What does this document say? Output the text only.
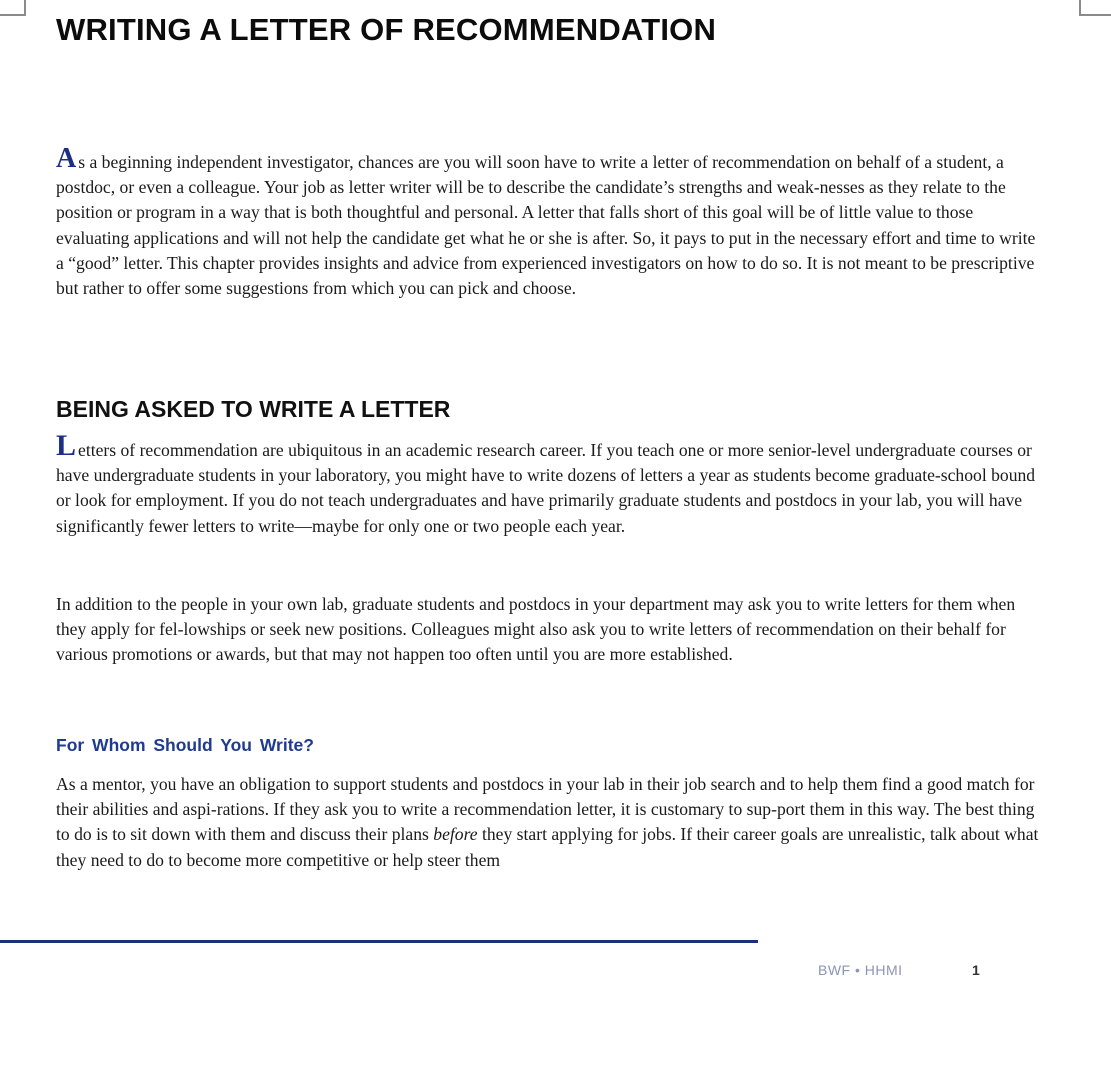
WRITING A LETTER OF RECOMMENDATION

As a beginning independent investigator, chances are you will soon have to write a letter of recommendation on behalf of a student, a postdoc, or even a colleague. Your job as letter writer will be to describe the candidate’s strengths and weak-nesses as they relate to the position or program in a way that is both thoughtful and personal. A letter that falls short of this goal will be of little value to those evaluating applications and will not help the candidate get what he or she is after. So, it pays to put in the necessary effort and time to write a “good” letter. This chapter provides insights and advice from experienced investigators on how to do so. It is not meant to be prescriptive but rather to offer some suggestions from which you can pick and choose.

BEING ASKED TO WRITE A LETTER

Letters of recommendation are ubiquitous in an academic research career. If you teach one or more senior-level undergraduate courses or have undergraduate students in your laboratory, you might have to write dozens of letters a year as students become graduate-school bound or look for employment. If you do not teach undergraduates and have primarily graduate students and postdocs in your lab, you will have significantly fewer letters to write—maybe for only one or two people each year.

In addition to the people in your own lab, graduate students and postdocs in your department may ask you to write letters for them when they apply for fel-lowships or seek new positions. Colleagues might also ask you to write letters of recommendation on their behalf for various promotions or awards, but that may not happen too often until you are more established.

For Whom Should You Write?

As a mentor, you have an obligation to support students and postdocs in your lab in their job search and to help them find a good match for their abilities and aspi-rations. If they ask you to write a recommendation letter, it is customary to sup-port them in this way. The best thing to do is to sit down with them and discuss their plans before they start applying for jobs. If their career goals are unrealistic, talk about what they need to do to become more competitive or help steer them

BWF • HHMI	1
